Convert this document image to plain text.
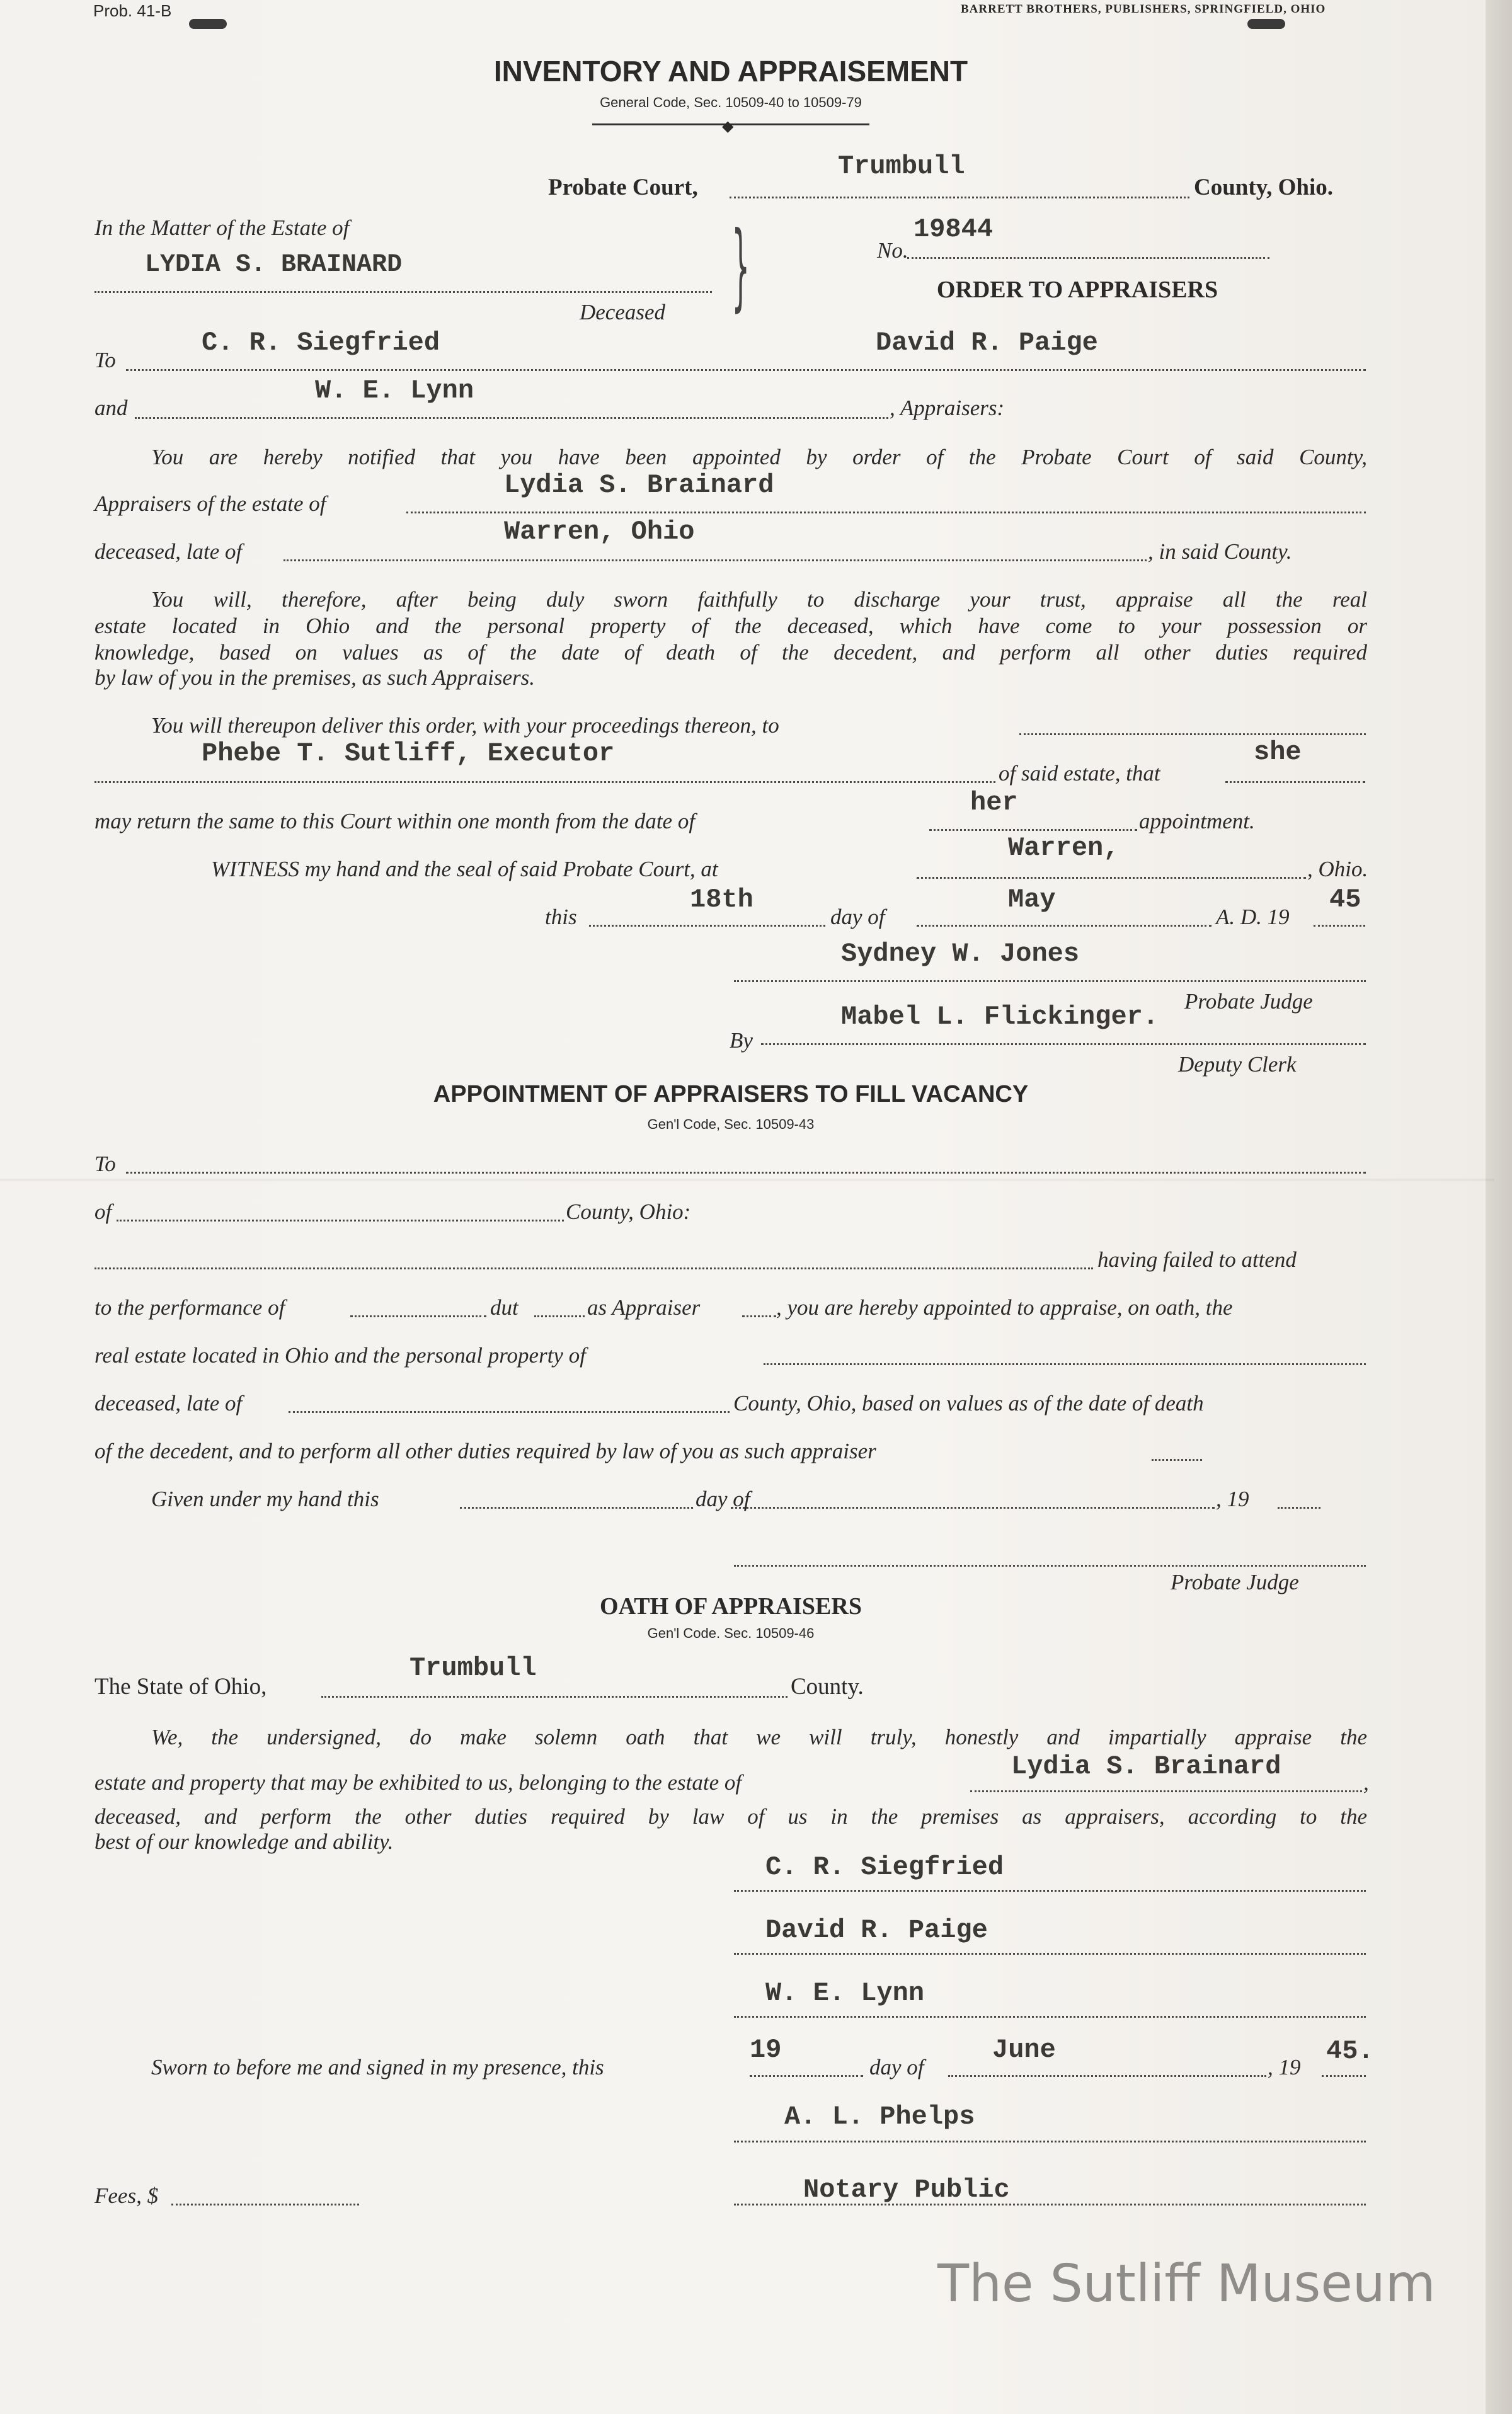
Prob. 41-B	BARRETT BROTHERS, PUBLISHERS, SPRINGFIELD, OHIO
INVENTORY AND APPRAISEMENT
General Code, Sec. 10509-40 to 10509-79
◆
Probate Court,
Trumbull
County, Ohio.
In the Matter of the Estate of
LYDIA S. BRAINARD
Deceased }	No.
19844
ORDER TO APPRAISERS
To
C. R. Siegfried	David R. Paige
and
W. E. Lynn
, Appraisers:
You are hereby notified that you have been appointed by order of the Probate Court of said County,
Appraisers of the estate of
Lydia S. Brainard
deceased, late of
Warren, Ohio
, in said County.
You will, therefore, after being duly sworn faithfully to discharge your trust, appraise all the real
estate located in Ohio and the personal property of the deceased, which have come to your possession or
knowledge, based on values as of the date of death of the decedent, and perform all other duties required
by law of you in the premises, as such Appraisers.
You will thereupon deliver this order, with your proceedings thereon, to
Phebe T. Sutliff, Executor
of said estate, that
she
may return the same to this Court within one month from the date of
her
appointment.
WITNESS my hand and the seal of said Probate Court, at
Warren,
, Ohio.
this
18th
day of
May
A. D. 19
45
Sydney W. Jones
Probate Judge
By
Mabel L. Flickinger.
Deputy Clerk
APPOINTMENT OF APPRAISERS TO FILL VACANCY
Gen'l Code, Sec. 10509-43
To
of	County, Ohio:
having failed to attend
to the performance of	dut	as Appraiser	, you are hereby appointed to appraise, on oath, the
real estate located in Ohio and the personal property of
deceased, late of	County, Ohio, based on values as of the date of death
of the decedent, and to perform all other duties required by law of you as such appraiser
Given under my hand this	day of	, 19
Probate Judge
OATH OF APPRAISERS
Gen'l Code. Sec. 10509-46
The State of Ohio,
Trumbull
County.
We, the undersigned, do make solemn oath that we will truly, honestly and impartially appraise the
estate and property that may be exhibited to us, belonging to the estate of
Lydia S. Brainard
,
deceased, and perform the other duties required by law of us in the premises as appraisers, according to the
best of our knowledge and ability.
C. R. Siegfried
David R. Paige
W. E. Lynn
Sworn to before me and signed in my presence, this
19
day of
June
, 19
45.
A. L. Phelps
Fees, $	Notary Public
The Sutliff Museum
